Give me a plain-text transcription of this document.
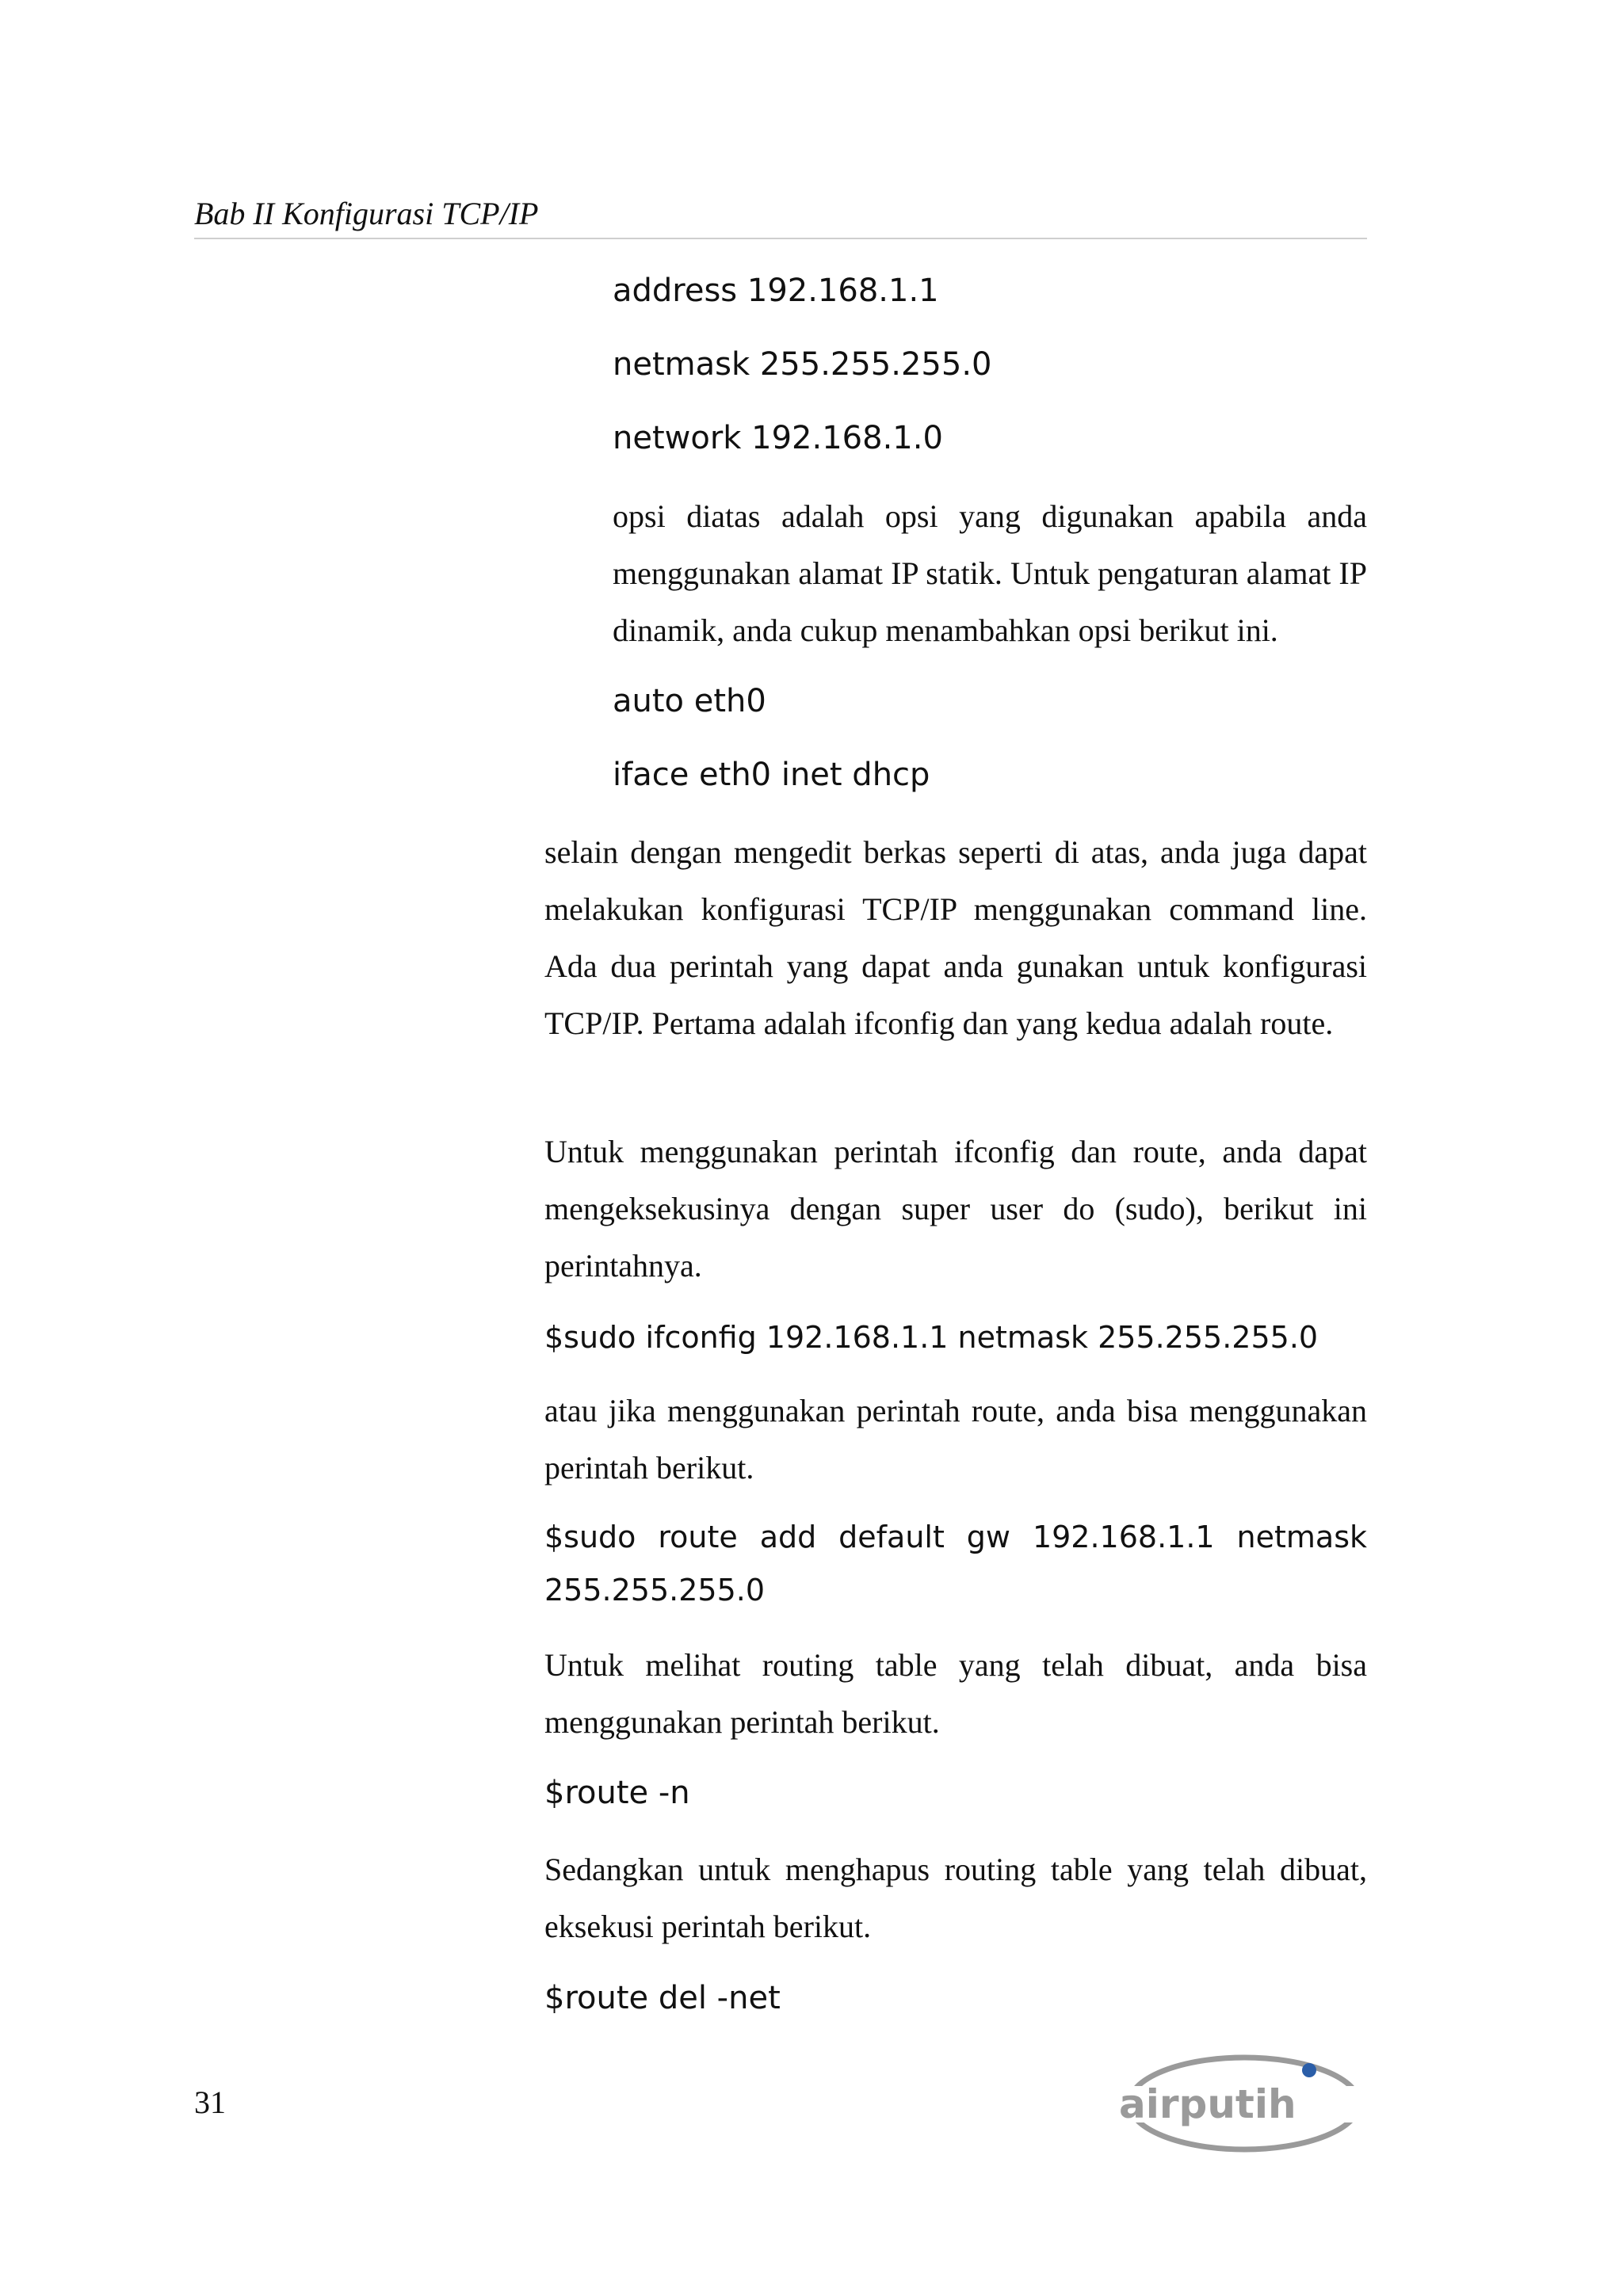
Bab II Konfigurasi TCP/IP
address 192.168.1.1
netmask 255.255.255.0
network 192.168.1.0

opsi diatas adalah opsi yang digunakan apabila anda menggunakan alamat IP statik. Untuk pengaturan alamat IP dinamik, anda cukup menambahkan opsi berikut ini.

auto eth0
iface eth0 inet dhcp

selain dengan mengedit berkas seperti di atas, anda juga dapat melakukan konfigurasi TCP/IP menggunakan command line. Ada dua perintah yang dapat anda gunakan untuk konfigurasi TCP/IP. Pertama adalah ifconfig dan yang kedua adalah route.

Untuk menggunakan perintah ifconfig dan route, anda dapat mengeksekusinya dengan super user do (sudo), berikut ini perintahnya.

$sudo ifconfig 192.168.1.1 netmask 255.255.255.0

atau jika menggunakan perintah route, anda bisa menggunakan perintah berikut.

$sudo route add default gw 192.168.1.1 netmask
255.255.255.0

Untuk melihat routing table yang telah dibuat, anda bisa menggunakan perintah berikut.

$route -n

Sedangkan untuk menghapus routing table yang telah dibuat, eksekusi perintah berikut.

$route del -net
31	airputih
